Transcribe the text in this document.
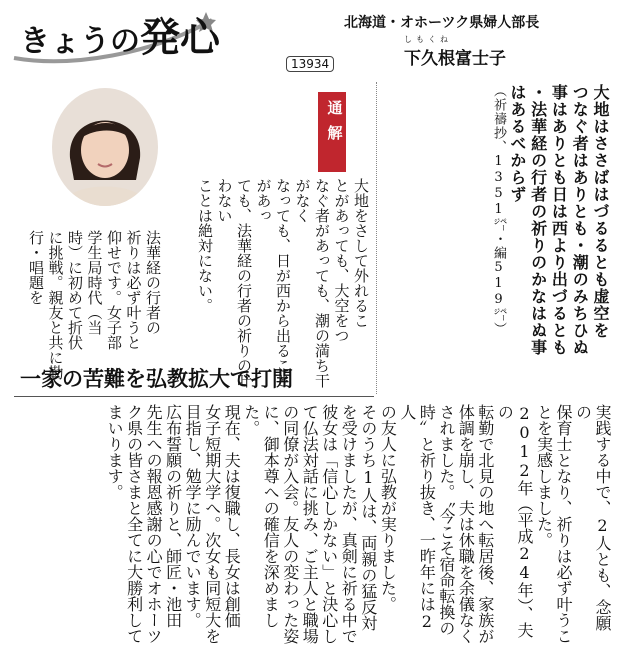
きょうの発心
13934
北海道・オホーツク県婦人部長
しもくね
下久根富士子
大地はささばはづるるとも虚空を
つなぐ者はありとも・潮のみちひぬ
事はありとも日は西より出づるとも
・法華経の行者の祈りのかなはぬ事
はあるべからず
（祈禱抄、1351㌻・編519㌻）
通解
大地をさして外れるこ
とがあっても、大空をつ
なぐ者があっても、潮の満ち干がなく
なっても、日が西から出ることがあっ
ても、法華経の行者の祈りの叶わない
ことは絶対にない。
法華経の行者の
祈りは必ず叶うと
仰せです。女子部
学生局時代（当
時）に初めて折伏
に挑戦。親友と共に勤行・唱題を
一家の苦難を弘教拡大で打開
実践する中で、2人とも、念願の
保育士となり、祈りは必ず叶うこ
とを実感しました。
2012年（平成24年）、夫の
転勤で北見の地へ転居後、家族が
体調を崩し、夫は休職を余儀なく
されました。〝今こそ宿命転換の
時〟と祈り抜き、一昨年には2人
の友人に弘教が実りました。
そのうち1人は、両親の猛反対
を受けましたが、真剣に祈る中で
彼女は「信心しかない」と決心し
て仏法対話に挑み、ご主人と職場
の同僚が入会。友人の変わった姿
に、御本尊への確信を深めました。
現在、夫は復職し、長女は創価
女子短期大学へ。次女も同短大を
目指し、勉学に励んでいます。
広布誓願の祈りと、師匠・池田
先生への報恩感謝の心でオホーツ
ク県の皆さまと全てに大勝利して
まいります。
